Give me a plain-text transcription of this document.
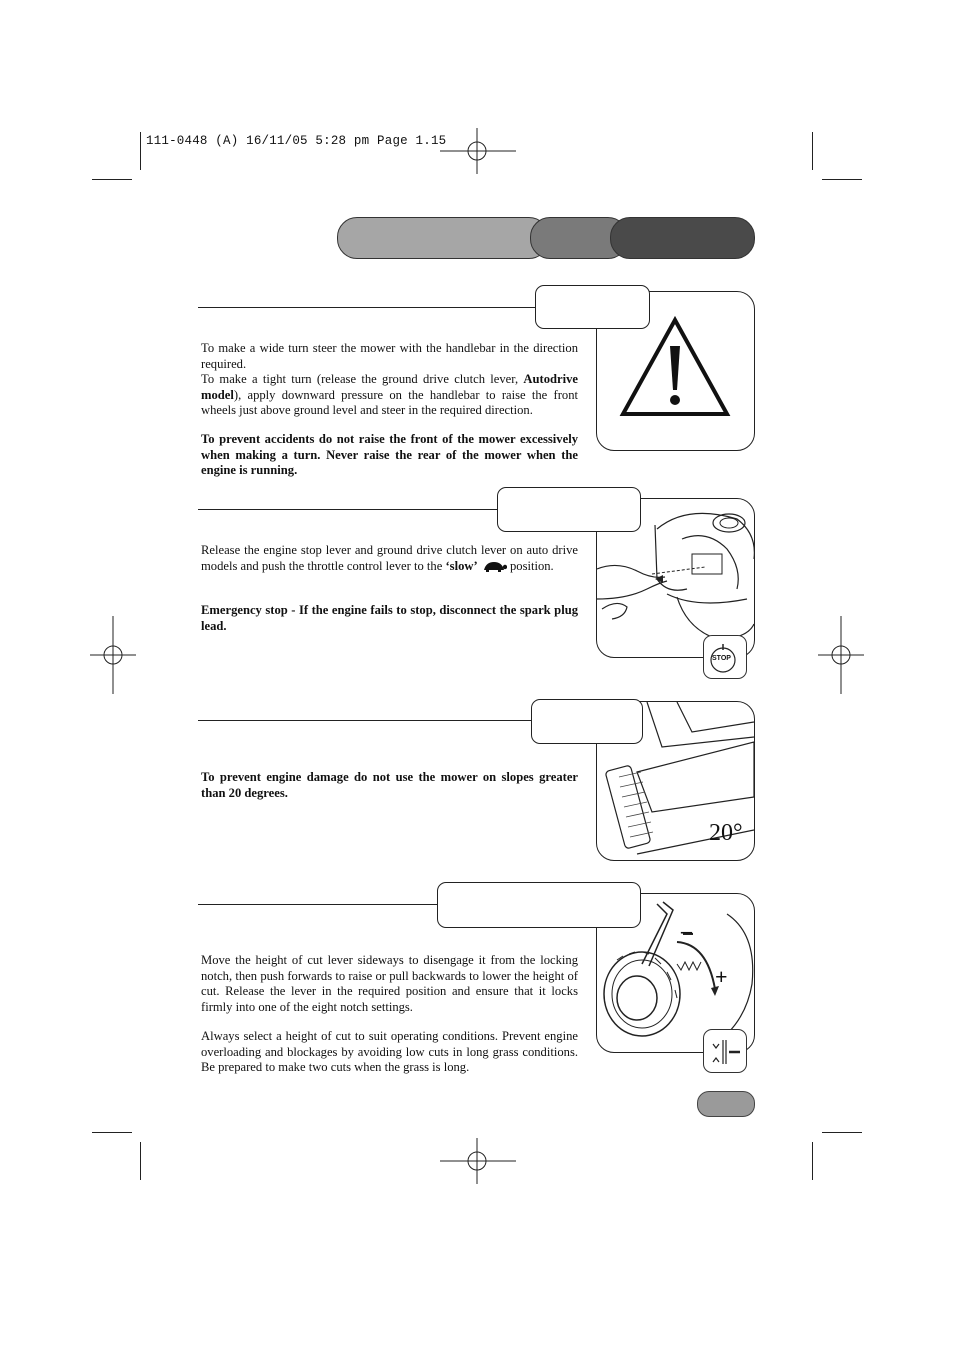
111-0448 (A) 16/11/05 5:28 pm Page 1.15

To make a wide turn steer the mower with the handlebar in the direction required.
To make a tight turn (release the ground drive clutch lever, Autodrive model), apply downward pressure on the handlebar to raise the front wheels just above ground level and steer in the required direction.

To prevent accidents do not raise the front of the mower excessively when making a turn. Never raise the rear of the mower when the engine is running.

STOP

Release the engine stop lever and ground drive clutch lever on auto drive models and push the throttle control lever to the ‘slow’  position.

Emergency stop - If the engine fails to stop, disconnect the spark plug lead.

20°

To prevent engine damage do not use the mower on slopes greater than 20 degrees.

–
+

Move the height of cut lever sideways to disengage it from the locking notch, then push forwards to raise or pull backwards to lower the height of cut. Release the lever in the required position and ensure that it locks firmly into one of the eight notch settings.

Always select a height of cut to suit operating conditions. Prevent engine overloading and blockages by avoiding low cuts in long grass conditions. Be prepared to make two cuts when the grass is long.
